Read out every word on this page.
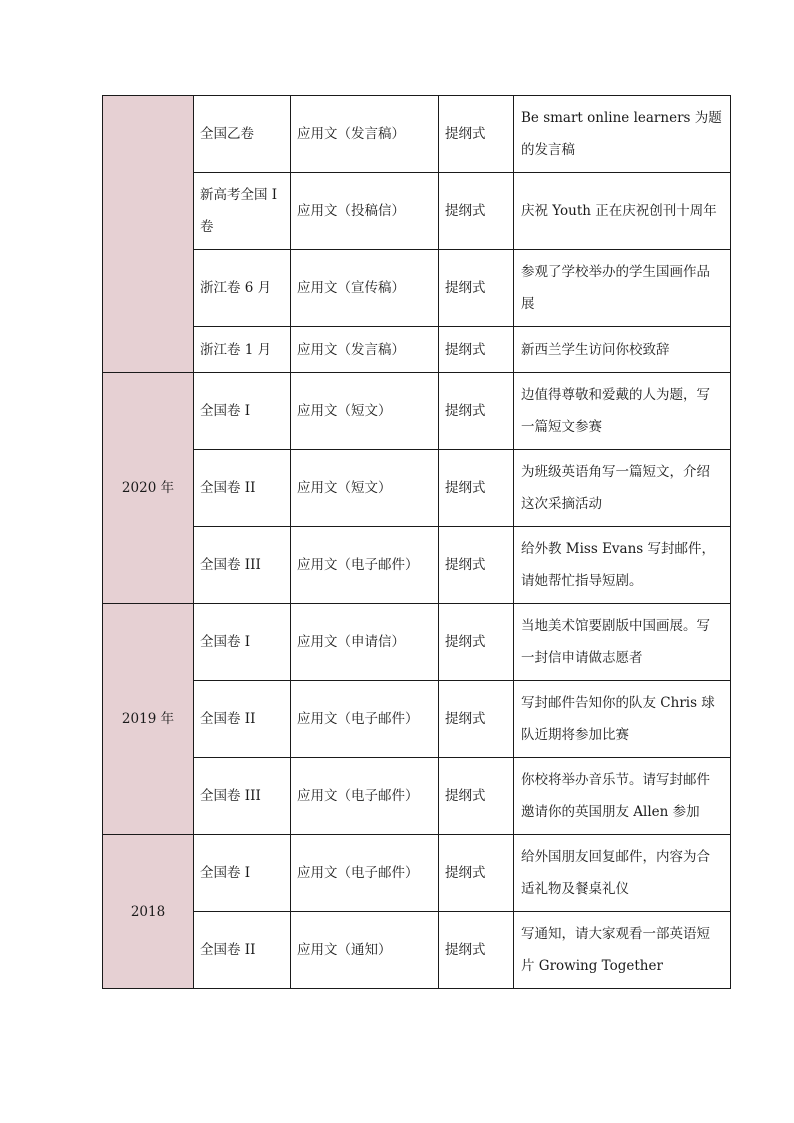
	全国乙卷	应用文（发言稿）	提纲式	Be smart online learners 为题的发言稿
	新高考全国 I 卷	应用文（投稿信）	提纲式	庆祝 Youth 正在庆祝创刊十周年
	浙江卷 6 月	应用文（宣传稿）	提纲式	参观了学校举办的学生国画作品展
	浙江卷 1 月	应用文（发言稿）	提纲式	新西兰学生访问你校致辞
2020 年	全国卷 I	应用文（短文）	提纲式	边值得尊敬和爱戴的人为题，写一篇短文参赛
	全国卷 II	应用文（短文）	提纲式	为班级英语角写一篇短文，介绍这次采摘活动
	全国卷 III	应用文（电子邮件）	提纲式	给外教 Miss Evans 写封邮件，请她帮忙指导短剧。
2019 年	全国卷 I	应用文（申请信）	提纲式	当地美术馆要剧版中国画展。写一封信申请做志愿者
	全国卷 II	应用文（电子邮件）	提纲式	写封邮件告知你的队友 Chris 球队近期将参加比赛
	全国卷 III	应用文（电子邮件）	提纲式	你校将举办音乐节。请写封邮件邀请你的英国朋友 Allen 参加
2018	全国卷 I	应用文（电子邮件）	提纲式	给外国朋友回复邮件，内容为合适礼物及餐桌礼仪
	全国卷 II	应用文（通知）	提纲式	写通知，请大家观看一部英语短片 Growing Together
